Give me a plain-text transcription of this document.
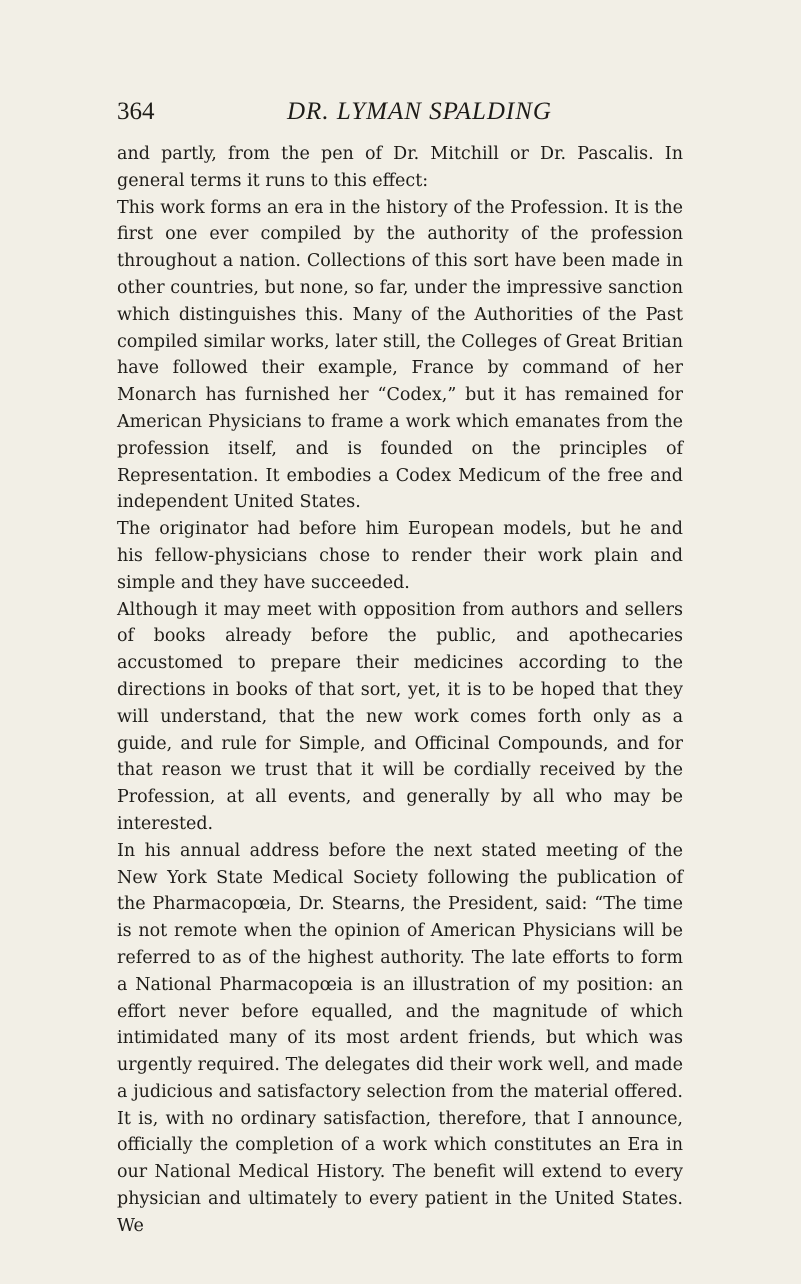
364	DR. LYMAN SPALDING

and partly, from the pen of Dr. Mitchill or Dr. Pascalis. In general terms it runs to this effect:

This work forms an era in the history of the Profession. It is the first one ever compiled by the authority of the profession throughout a nation. Collections of this sort have been made in other countries, but none, so far, under the impressive sanction which distinguishes this. Many of the Authorities of the Past compiled similar works, later still, the Colleges of Great Britian have followed their example, France by command of her Monarch has furnished her “Codex,” but it has remained for American Physicians to frame a work which emanates from the profession itself, and is founded on the principles of Representation. It embodies a Codex Medicum of the free and independent United States.

The originator had before him European models, but he and his fellow-physicians chose to render their work plain and simple and they have succeeded.

Although it may meet with opposition from authors and sellers of books already before the public, and apothecaries accustomed to prepare their medicines according to the directions in books of that sort, yet, it is to be hoped that they will understand, that the new work comes forth only as a guide, and rule for Simple, and Officinal Compounds, and for that reason we trust that it will be cordially received by the Profession, at all events, and generally by all who may be interested.

In his annual address before the next stated meeting of the New York State Medical Society following the publication of the Pharmacopœia, Dr. Stearns, the President, said: “The time is not remote when the opinion of American Physicians will be referred to as of the highest authority. The late efforts to form a National Pharmacopœia is an illustration of my position: an effort never before equalled, and the magnitude of which intimidated many of its most ardent friends, but which was urgently required. The delegates did their work well, and made a judicious and satisfactory selection from the material offered. It is, with no ordinary satisfaction, therefore, that I announce, officially the completion of a work which constitutes an Era in our National Medical History. The benefit will extend to every physician and ultimately to every patient in the United States. We
